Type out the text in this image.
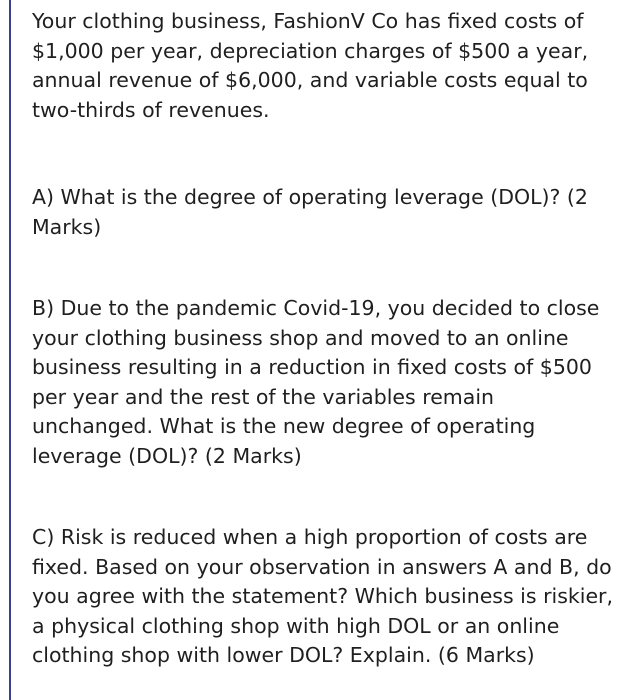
Your clothing business, FashionV Co has fixed costs of
$1,000 per year, depreciation charges of $500 a year,
annual revenue of $6,000, and variable costs equal to
two-thirds of revenues.

A) What is the degree of operating leverage (DOL)? (2
Marks)

B) Due to the pandemic Covid-19, you decided to close
your clothing business shop and moved to an online
business resulting in a reduction in fixed costs of $500
per year and the rest of the variables remain
unchanged. What is the new degree of operating
leverage (DOL)? (2 Marks)

C) Risk is reduced when a high proportion of costs are
fixed. Based on your observation in answers A and B, do
you agree with the statement? Which business is riskier,
a physical clothing shop with high DOL or an online
clothing shop with lower DOL? Explain. (6 Marks)
